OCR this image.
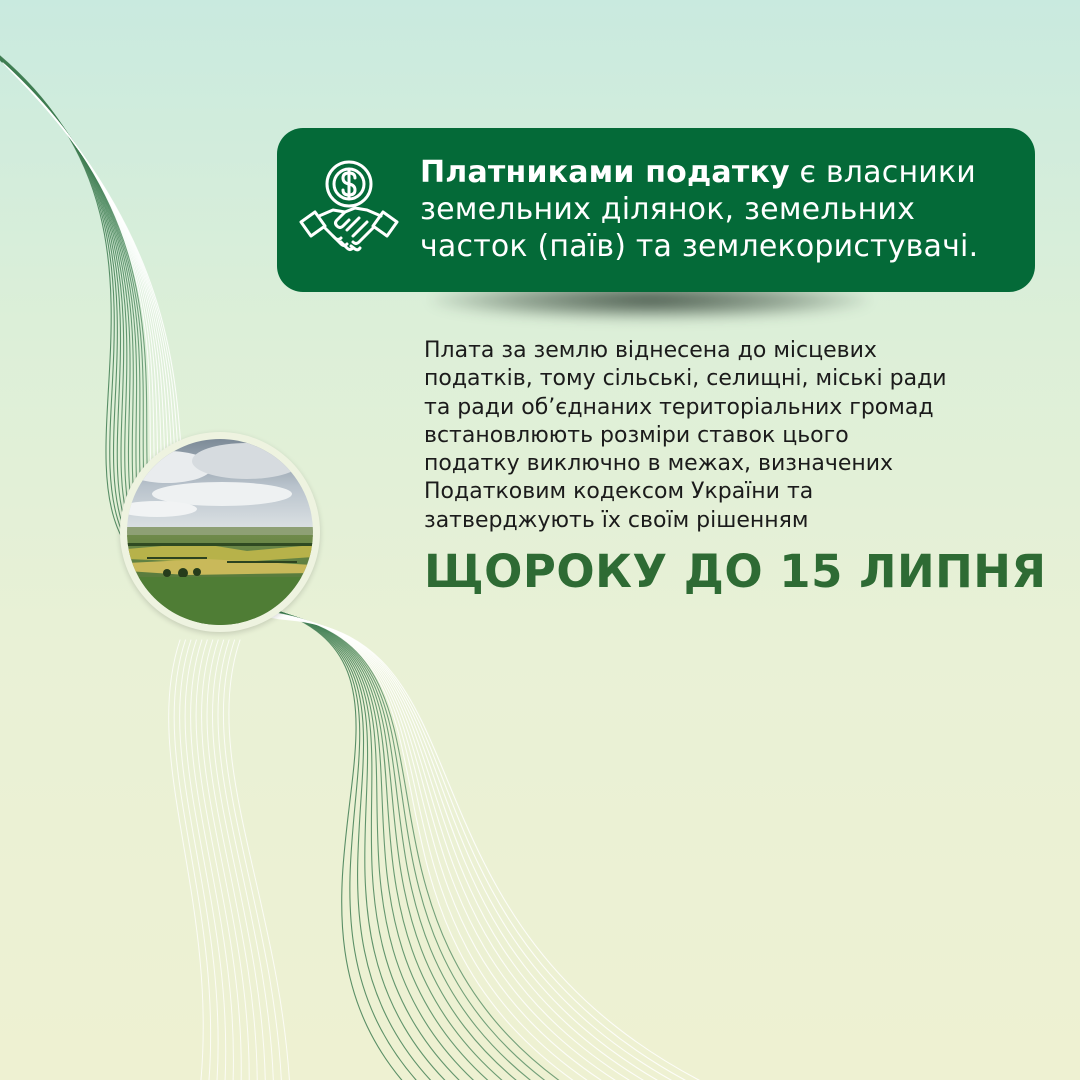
Платниками податку є власники земельних ділянок, земельних часток (паїв) та землекористувачі.
Плата за землю віднесена до місцевих
податків, тому сільські, селищні, міські ради
та ради об’єднаних територіальних громад
встановлюють розміри ставок цього
податку виключно в межах, визначених
Податковим кодексом України та
затверджують їх своїм рішенням
ЩОРОКУ ДО 15 ЛИПНЯ
